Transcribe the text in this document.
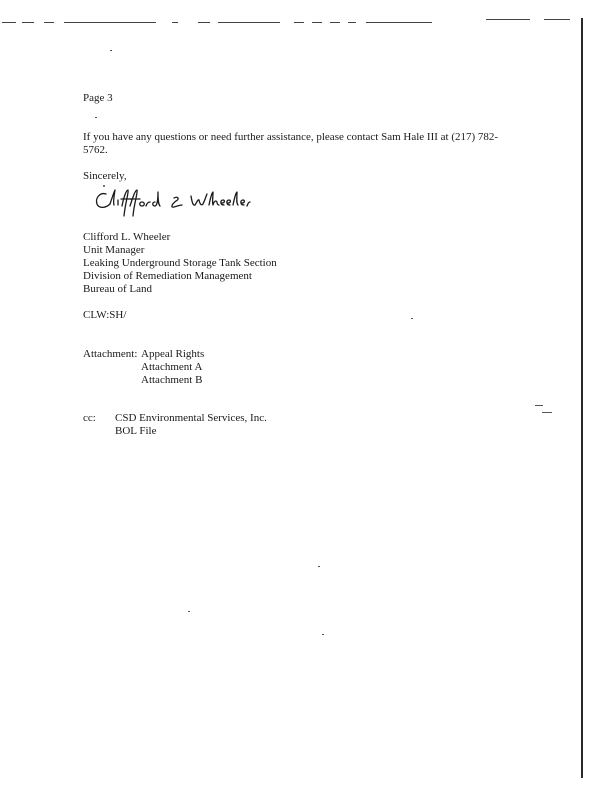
Page 3
If you have any questions or need further assistance, please contact Sam Hale III at (217) 782-5762.
Sincerely,
Clifford L. Wheeler
Unit Manager
Leaking Underground Storage Tank Section
Division of Remediation Management
Bureau of Land
CLW:SH/
Attachment: Appeal Rights
Attachment A
Attachment B
cc: CSD Environmental Services, Inc.
BOL File
